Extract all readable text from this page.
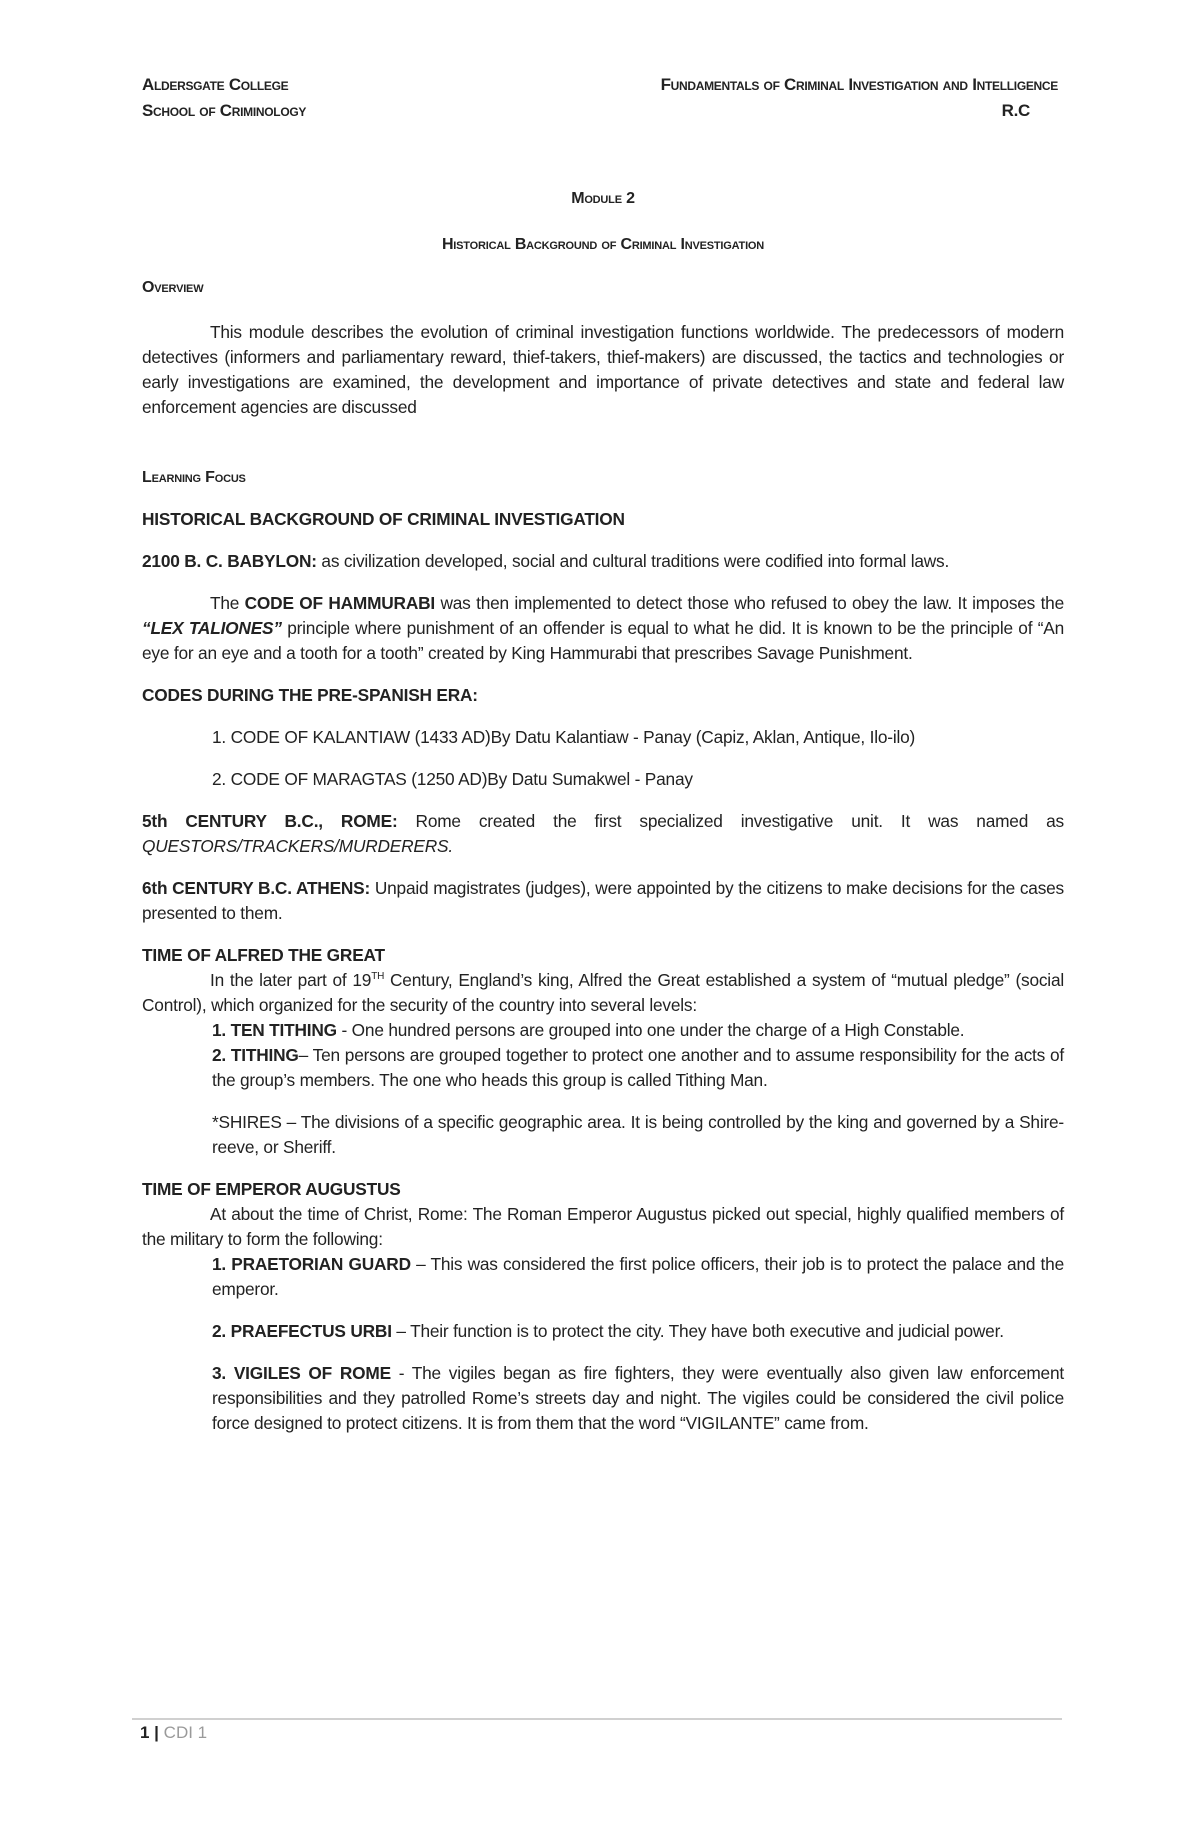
Aldersgate College	Fundamentals of Criminal Investigation and Intelligence
School of Criminology	R.C

Module 2

Historical Background of Criminal Investigation

Overview

This module describes the evolution of criminal investigation functions worldwide. The predecessors of modern detectives (informers and parliamentary reward, thief-takers, thief-makers) are discussed, the tactics and technologies or early investigations are examined, the development and importance of private detectives and state and federal law enforcement agencies are discussed

Learning Focus

HISTORICAL BACKGROUND OF CRIMINAL INVESTIGATION

2100 B. C. BABYLON: as civilization developed, social and cultural traditions were codified into formal laws.

The CODE OF HAMMURABI was then implemented to detect those who refused to obey the law. It imposes the “LEX TALIONES” principle where punishment of an offender is equal to what he did. It is known to be the principle of “An eye for an eye and a tooth for a tooth” created by King Hammurabi that prescribes Savage Punishment.

CODES DURING THE PRE-SPANISH ERA:

1. CODE OF KALANTIAW (1433 AD)By Datu Kalantiaw - Panay (Capiz, Aklan, Antique, Ilo-ilo)

2. CODE OF MARAGTAS (1250 AD)By Datu Sumakwel - Panay

5th CENTURY B.C., ROME: Rome created the first specialized investigative unit. It was named as QUESTORS/TRACKERS/MURDERERS.

6th CENTURY B.C. ATHENS: Unpaid magistrates (judges), were appointed by the citizens to make decisions for the cases presented to them.

TIME OF ALFRED THE GREAT

In the later part of 19TH Century, England’s king, Alfred the Great established a system of “mutual pledge” (social Control), which organized for the security of the country into several levels:

1. TEN TITHING - One hundred persons are grouped into one under the charge of a High Constable.

2. TITHING– Ten persons are grouped together to protect one another and to assume responsibility for the acts of the group’s members. The one who heads this group is called Tithing Man.

*SHIRES – The divisions of a specific geographic area. It is being controlled by the king and governed by a Shire-reeve, or Sheriff.

TIME OF EMPEROR AUGUSTUS

At about the time of Christ, Rome: The Roman Emperor Augustus picked out special, highly qualified members of the military to form the following:

1. PRAETORIAN GUARD – This was considered the first police officers, their job is to protect the palace and the emperor.

2. PRAEFECTUS URBI – Their function is to protect the city. They have both executive and judicial power.

3. VIGILES OF ROME - The vigiles began as fire fighters, they were eventually also given law enforcement responsibilities and they patrolled Rome’s streets day and night. The vigiles could be considered the civil police force designed to protect citizens. It is from them that the word “VIGILANTE” came from.

1 | CDI 1
